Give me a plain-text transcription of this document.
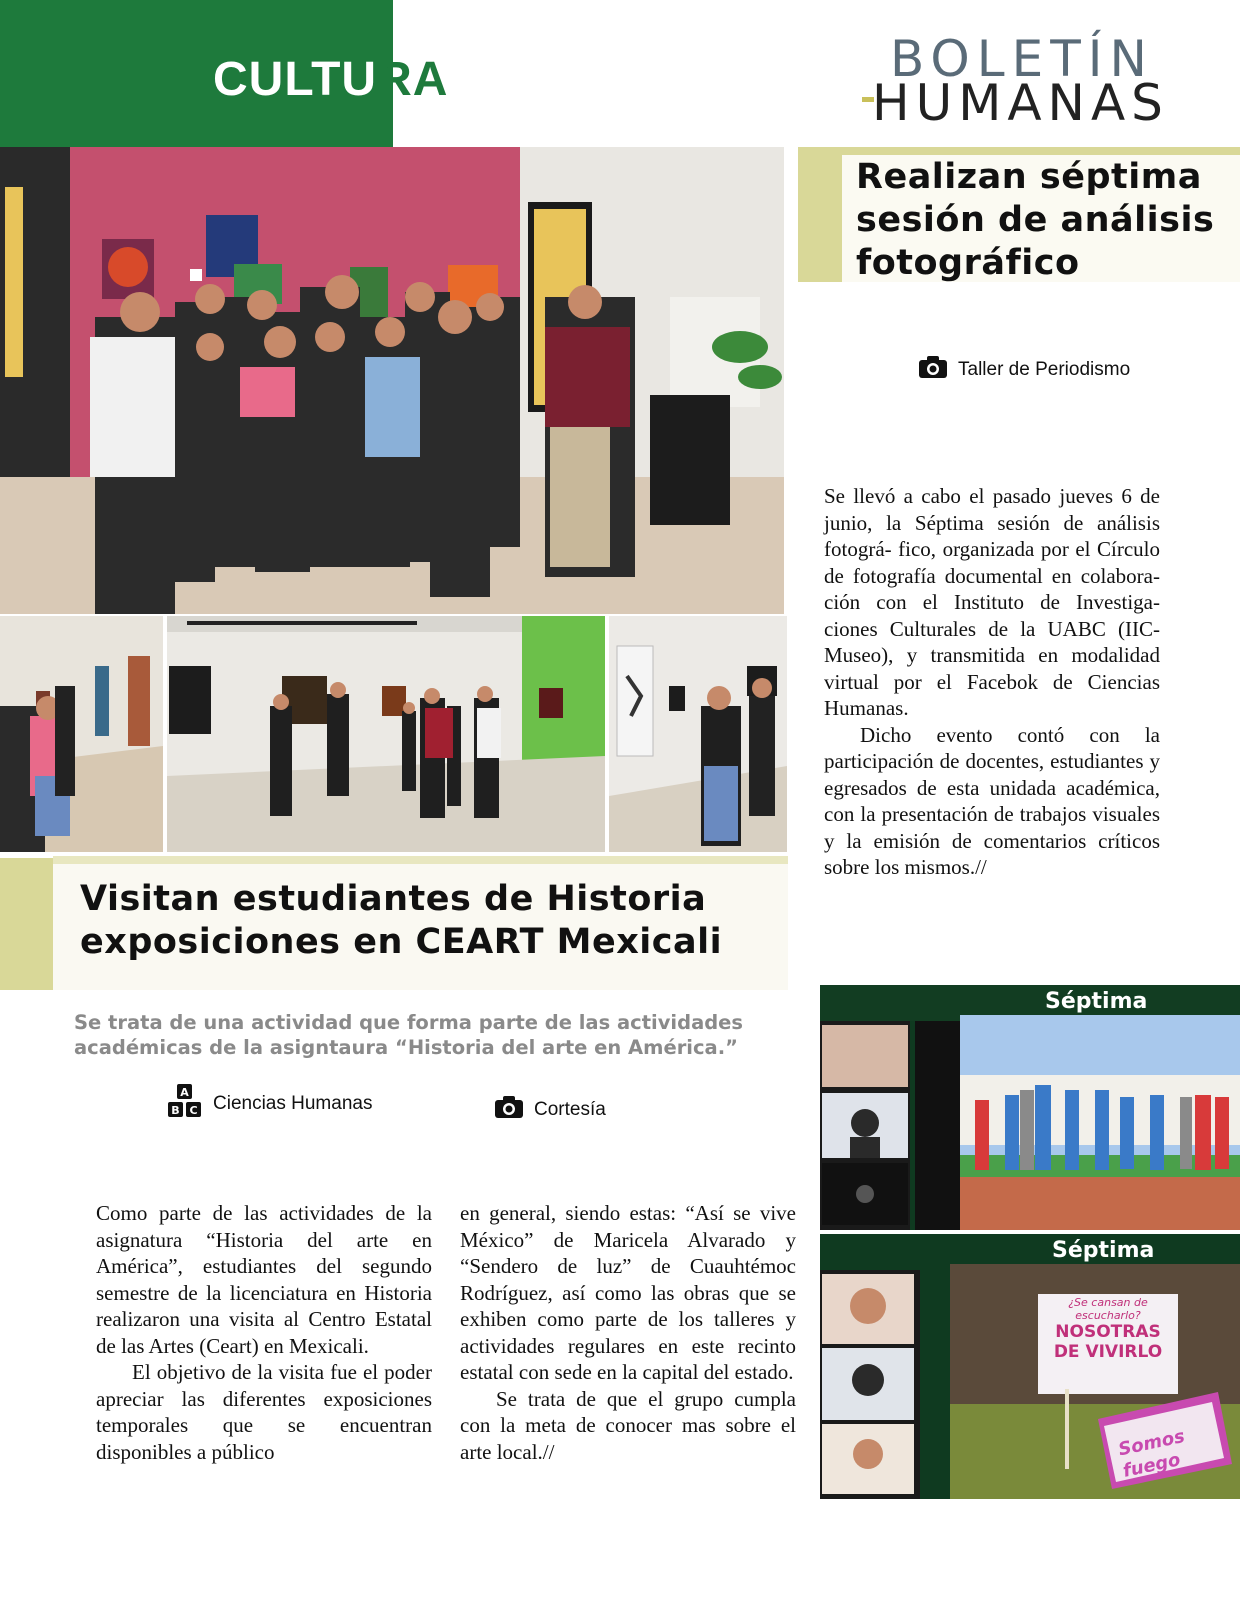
CULTURA	BOLETÍN
HUMANAS
Realizan séptima sesión de análisis fotográfico
Taller de Periodismo

Se llevó a cabo el pasado jueves 6 de junio, la Séptima sesión de análisis fotográ- fico, organizada por el Círculo de fotografía documental en colabora- ción con el Instituto de Investiga- ciones Culturales de la UABC (IIC-Museo), y transmitida en modalidad virtual por el Facebok de Ciencias Humanas.

Dicho evento contó con la participación de docentes, estudiantes y egresados de esta unidada académica, con la presentación de trabajos visuales y la emisión de comentarios críticos sobre los mismos.//

Séptima
Séptima
¿Se cansan de escucharlo?
NOSOTRAS DE VIVIRLO
Somos fuego
Visitan estudiantes de Historia exposiciones en CEART Mexicali
Se trata de una actividad que forma parte de las actividades académicas de la asigntaura “Historia del arte en América.”
A
B C Ciencias Humanas	Cortesía

Como parte de las actividades de la asignatura “Historia del arte en América”, estudiantes del segundo semestre de la licenciatura en Historia realizaron una visita al Centro Estatal de las Artes (Ceart) en Mexicali.

El objetivo de la visita fue el poder apreciar las diferentes exposiciones temporales que se encuentran disponibles a público

en general, siendo estas: “Así se vive México” de Maricela Alvarado y “Sendero de luz” de Cuauhtémoc Rodríguez, así como las obras que se exhiben como parte de los talleres y actividades regulares en este recinto estatal con sede en la capital del estado.

Se trata de que el grupo cumpla con la meta de conocer mas sobre el arte local.//
